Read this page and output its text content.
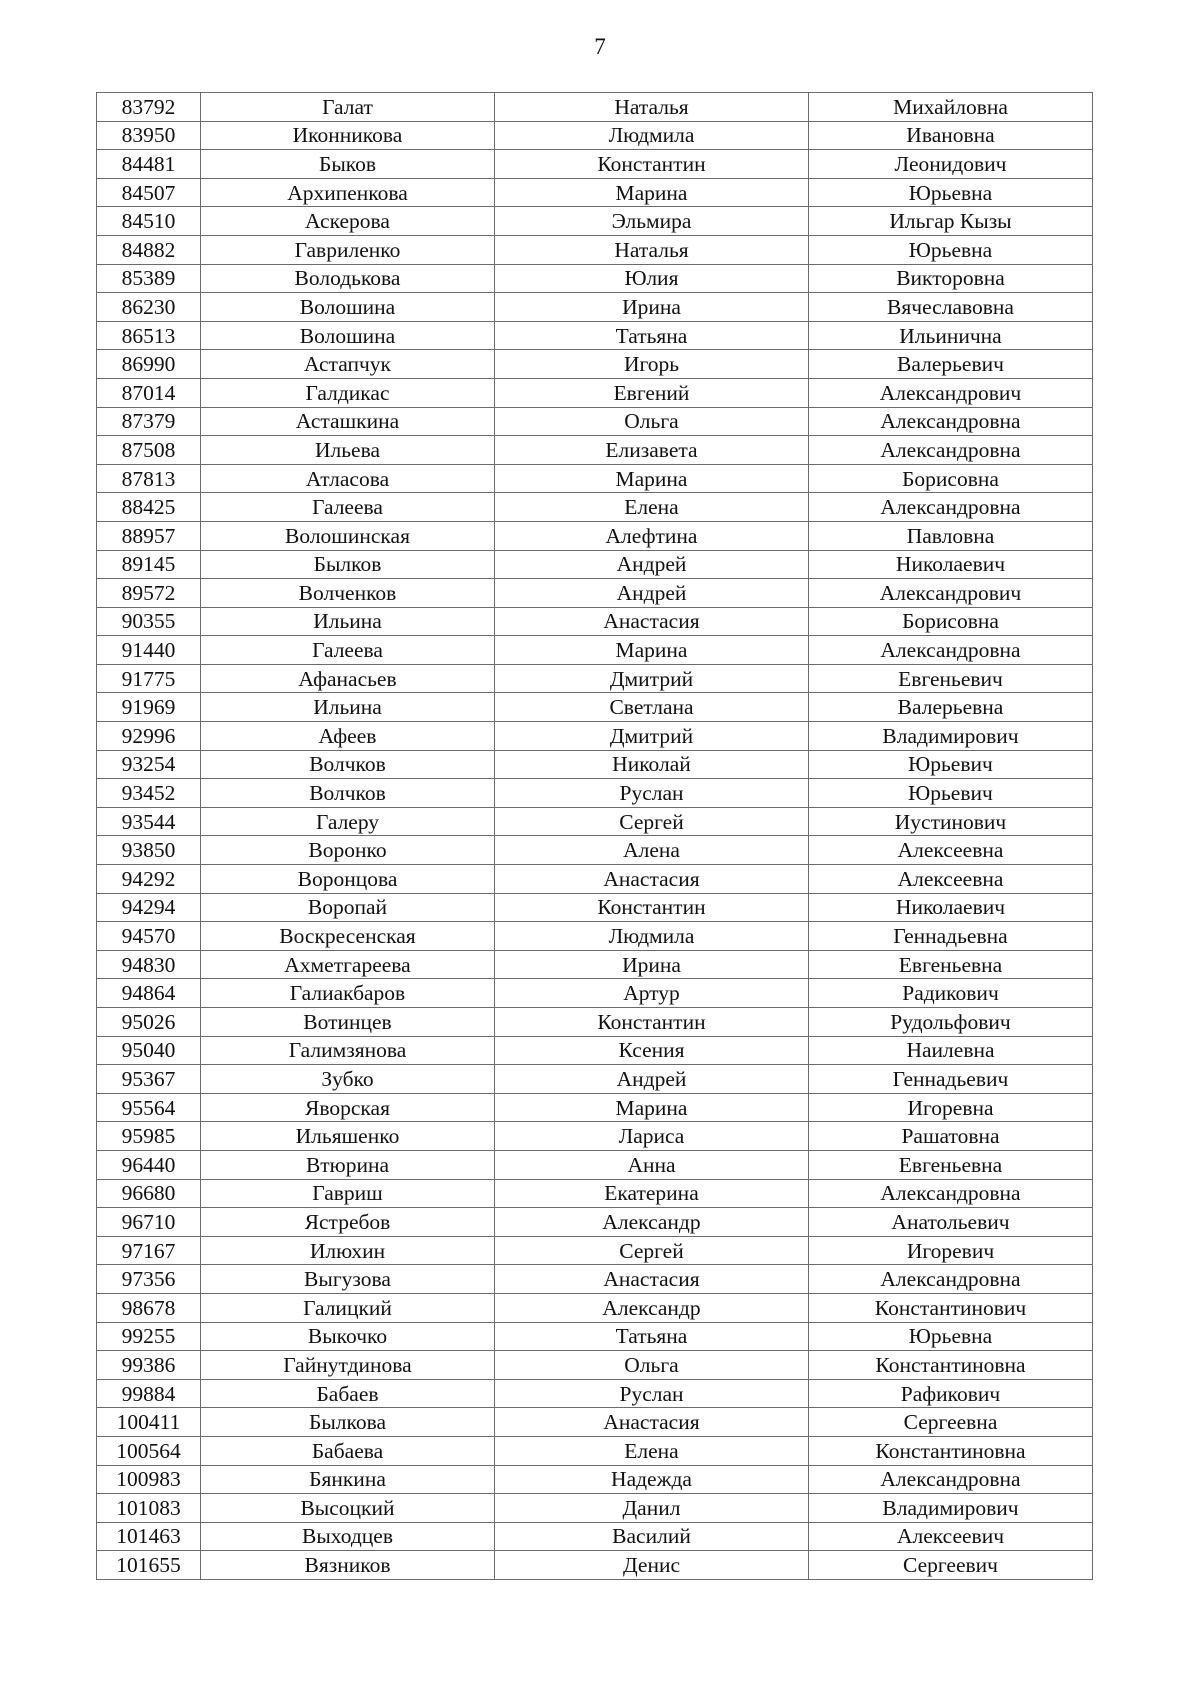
7
83792	Галат	Наталья	Михайловна
83950	Иконникова	Людмила	Ивановна
84481	Быков	Константин	Леонидович
84507	Архипенкова	Марина	Юрьевна
84510	Аскерова	Эльмира	Ильгар Кызы
84882	Гавриленко	Наталья	Юрьевна
85389	Володькова	Юлия	Викторовна
86230	Волошина	Ирина	Вячеславовна
86513	Волошина	Татьяна	Ильинична
86990	Астапчук	Игорь	Валерьевич
87014	Галдикас	Евгений	Александрович
87379	Асташкина	Ольга	Александровна
87508	Ильева	Елизавета	Александровна
87813	Атласова	Марина	Борисовна
88425	Галеева	Елена	Александровна
88957	Волошинская	Алефтина	Павловна
89145	Былков	Андрей	Николаевич
89572	Волченков	Андрей	Александрович
90355	Ильина	Анастасия	Борисовна
91440	Галеева	Марина	Александровна
91775	Афанасьев	Дмитрий	Евгеньевич
91969	Ильина	Светлана	Валерьевна
92996	Афеев	Дмитрий	Владимирович
93254	Волчков	Николай	Юрьевич
93452	Волчков	Руслан	Юрьевич
93544	Галеру	Сергей	Иустинович
93850	Воронко	Алена	Алексеевна
94292	Воронцова	Анастасия	Алексеевна
94294	Воропай	Константин	Николаевич
94570	Воскресенская	Людмила	Геннадьевна
94830	Ахметгареева	Ирина	Евгеньевна
94864	Галиакбаров	Артур	Радикович
95026	Вотинцев	Константин	Рудольфович
95040	Галимзянова	Ксения	Наилевна
95367	Зубко	Андрей	Геннадьевич
95564	Яворская	Марина	Игоревна
95985	Ильяшенко	Лариса	Рашатовна
96440	Втюрина	Анна	Евгеньевна
96680	Гавриш	Екатерина	Александровна
96710	Ястребов	Александр	Анатольевич
97167	Илюхин	Сергей	Игоревич
97356	Выгузова	Анастасия	Александровна
98678	Галицкий	Александр	Константинович
99255	Выкочко	Татьяна	Юрьевна
99386	Гайнутдинова	Ольга	Константиновна
99884	Бабаев	Руслан	Рафикович
100411	Былкова	Анастасия	Сергеевна
100564	Бабаева	Елена	Константиновна
100983	Бянкина	Надежда	Александровна
101083	Высоцкий	Данил	Владимирович
101463	Выходцев	Василий	Алексеевич
101655	Вязников	Денис	Сергеевич
